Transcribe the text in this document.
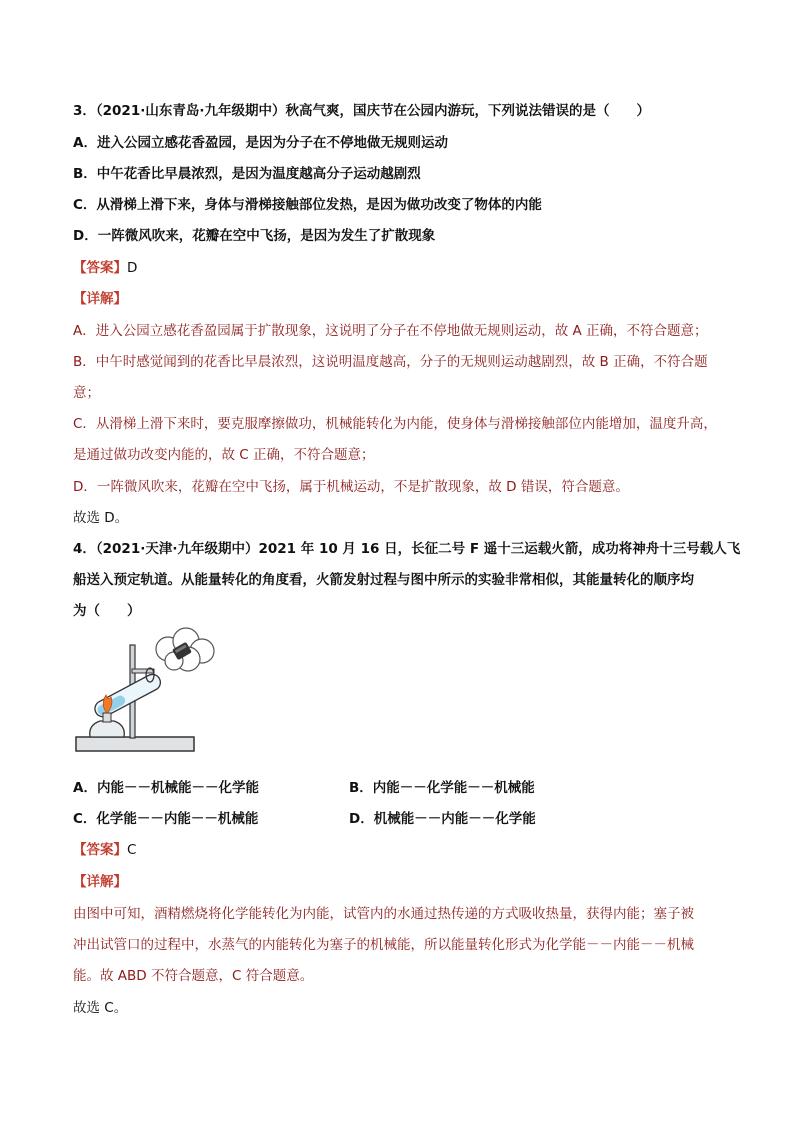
3．（2021·山东青岛·九年级期中）秋高气爽，国庆节在公园内游玩，下列说法错误的是（　　）
A．进入公园立感花香盈园，是因为分子在不停地做无规则运动
B．中午花香比早晨浓烈，是因为温度越高分子运动越剧烈
C．从滑梯上滑下来，身体与滑梯接触部位发热，是因为做功改变了物体的内能
D．一阵微风吹来，花瓣在空中飞扬，是因为发生了扩散现象
【答案】D
【详解】
A．进入公园立感花香盈园属于扩散现象，这说明了分子在不停地做无规则运动，故 A 正确，不符合题意；
B．中午时感觉闻到的花香比早晨浓烈，这说明温度越高，分子的无规则运动越剧烈，故 B 正确，不符合题
意；
C．从滑梯上滑下来时，要克服摩擦做功，机械能转化为内能，使身体与滑梯接触部位内能增加，温度升高，
是通过做功改变内能的，故 C 正确，不符合题意；
D．一阵微风吹来，花瓣在空中飞扬，属于机械运动，不是扩散现象，故 D 错误，符合题意。
故选 D。
4．（2021·天津·九年级期中）2021 年 10 月 16 日，长征二号 F 遥十三运载火箭，成功将神舟十三号载人飞
船送入预定轨道。从能量转化的角度看，火箭发射过程与图中所示的实验非常相似，其能量转化的顺序均
为（　　）
A．内能－－机械能－－化学能	B．内能－－化学能－－机械能
C．化学能－－内能－－机械能	D．机械能－－内能－－化学能
【答案】C
【详解】
由图中可知，酒精燃烧将化学能转化为内能，试管内的水通过热传递的方式吸收热量，获得内能；塞子被
冲出试管口的过程中，水蒸气的内能转化为塞子的机械能，所以能量转化形式为化学能－－内能－－机械
能。故 ABD 不符合题意，C 符合题意。
故选 C。
